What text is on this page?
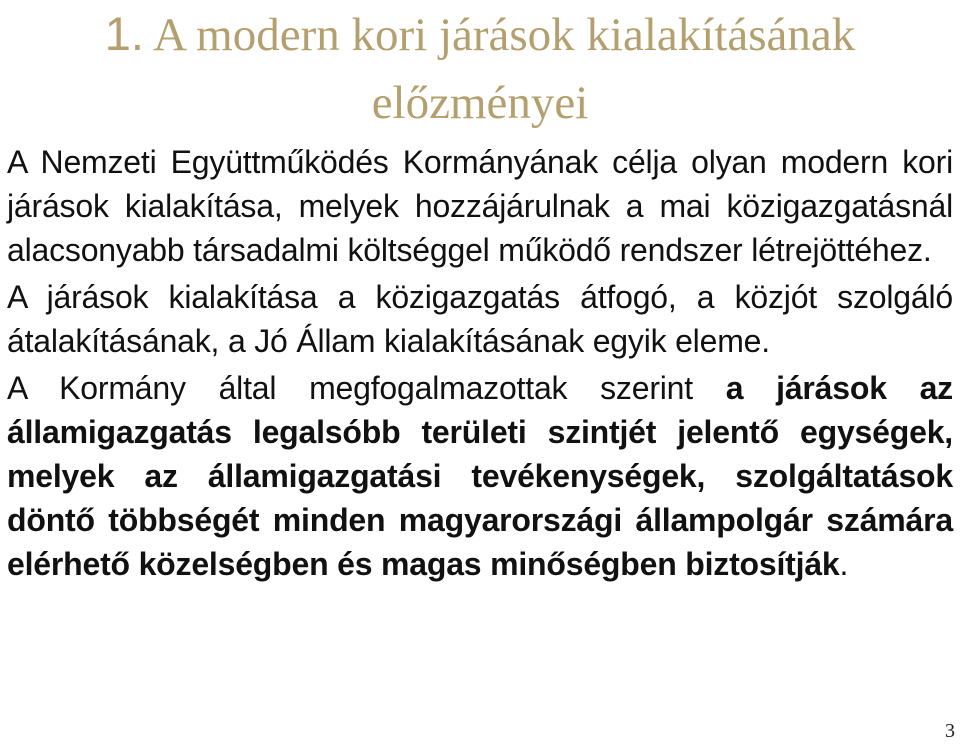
1. A modern kori járások kialakításának előzményei

A Nemzeti Együttműködés Kormányának célja olyan modern kori járások kialakítása, melyek hozzájárulnak a mai közigazgatásnál alacsonyabb társadalmi költséggel működő rendszer létrejöttéhez.

A járások kialakítása a közigazgatás átfogó, a közjót szolgáló átalakításának, a Jó Állam kialakításának egyik eleme.

A Kormány által megfogalmazottak szerint a járások az államigazgatás legalsóbb területi szintjét jelentő egységek, melyek az államigazgatási tevékenységek, szolgáltatások döntő többségét minden magyarországi állampolgár számára elérhető közelségben és magas minőségben biztosítják.

3
